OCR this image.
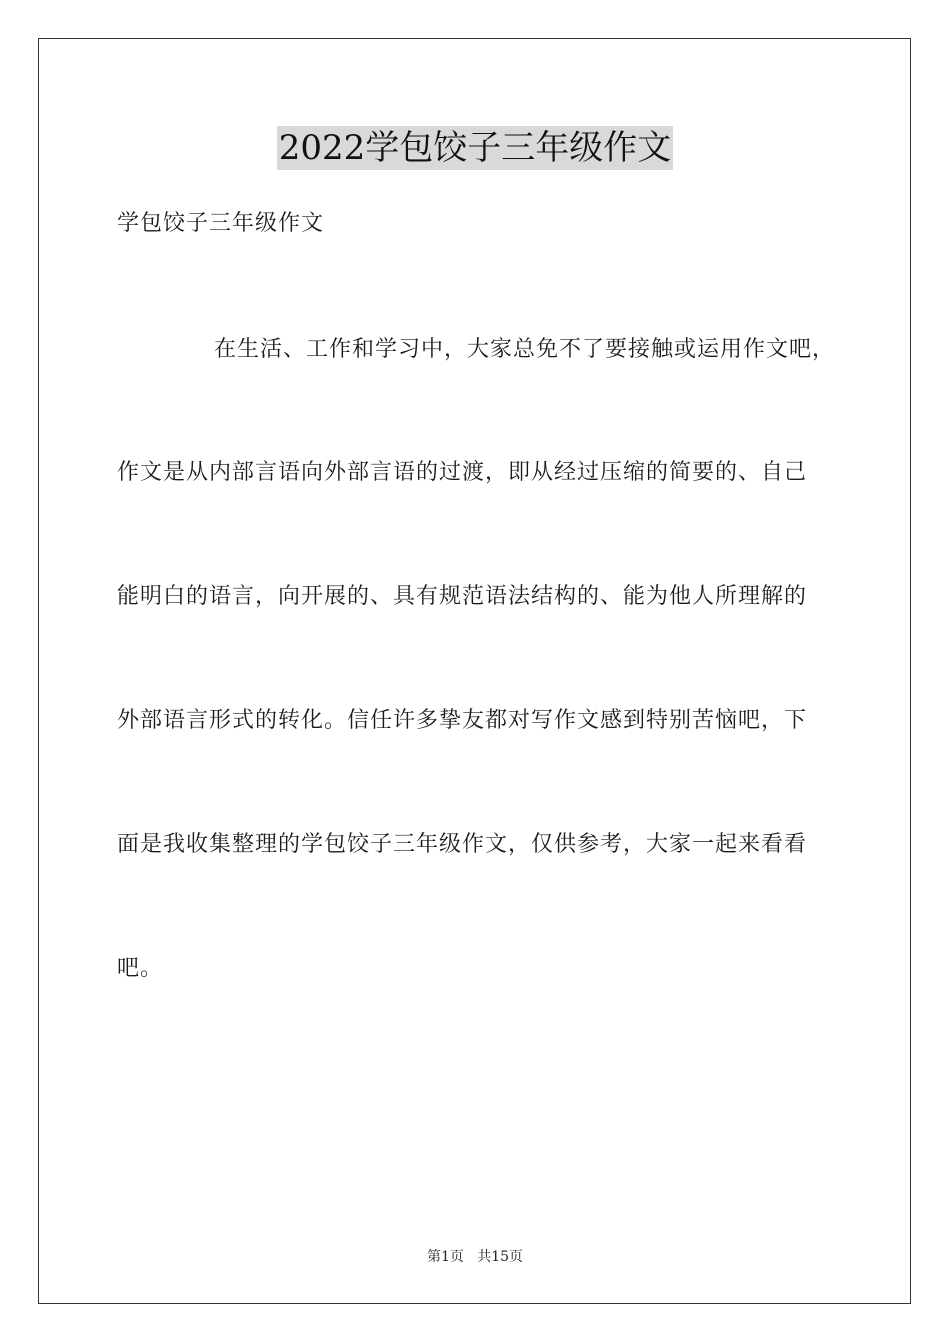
2022学包饺子三年级作文
学包饺子三年级作文
在生活、工作和学习中，大家总免不了要接触或运用作文吧，
作文是从内部言语向外部言语的过渡，即从经过压缩的简要的、自己
能明白的语言，向开展的、具有规范语法结构的、能为他人所理解的
外部语言形式的转化。信任许多挚友都对写作文感到特别苦恼吧，下
面是我收集整理的学包饺子三年级作文，仅供参考，大家一起来看看
吧。
第1页   共15页
